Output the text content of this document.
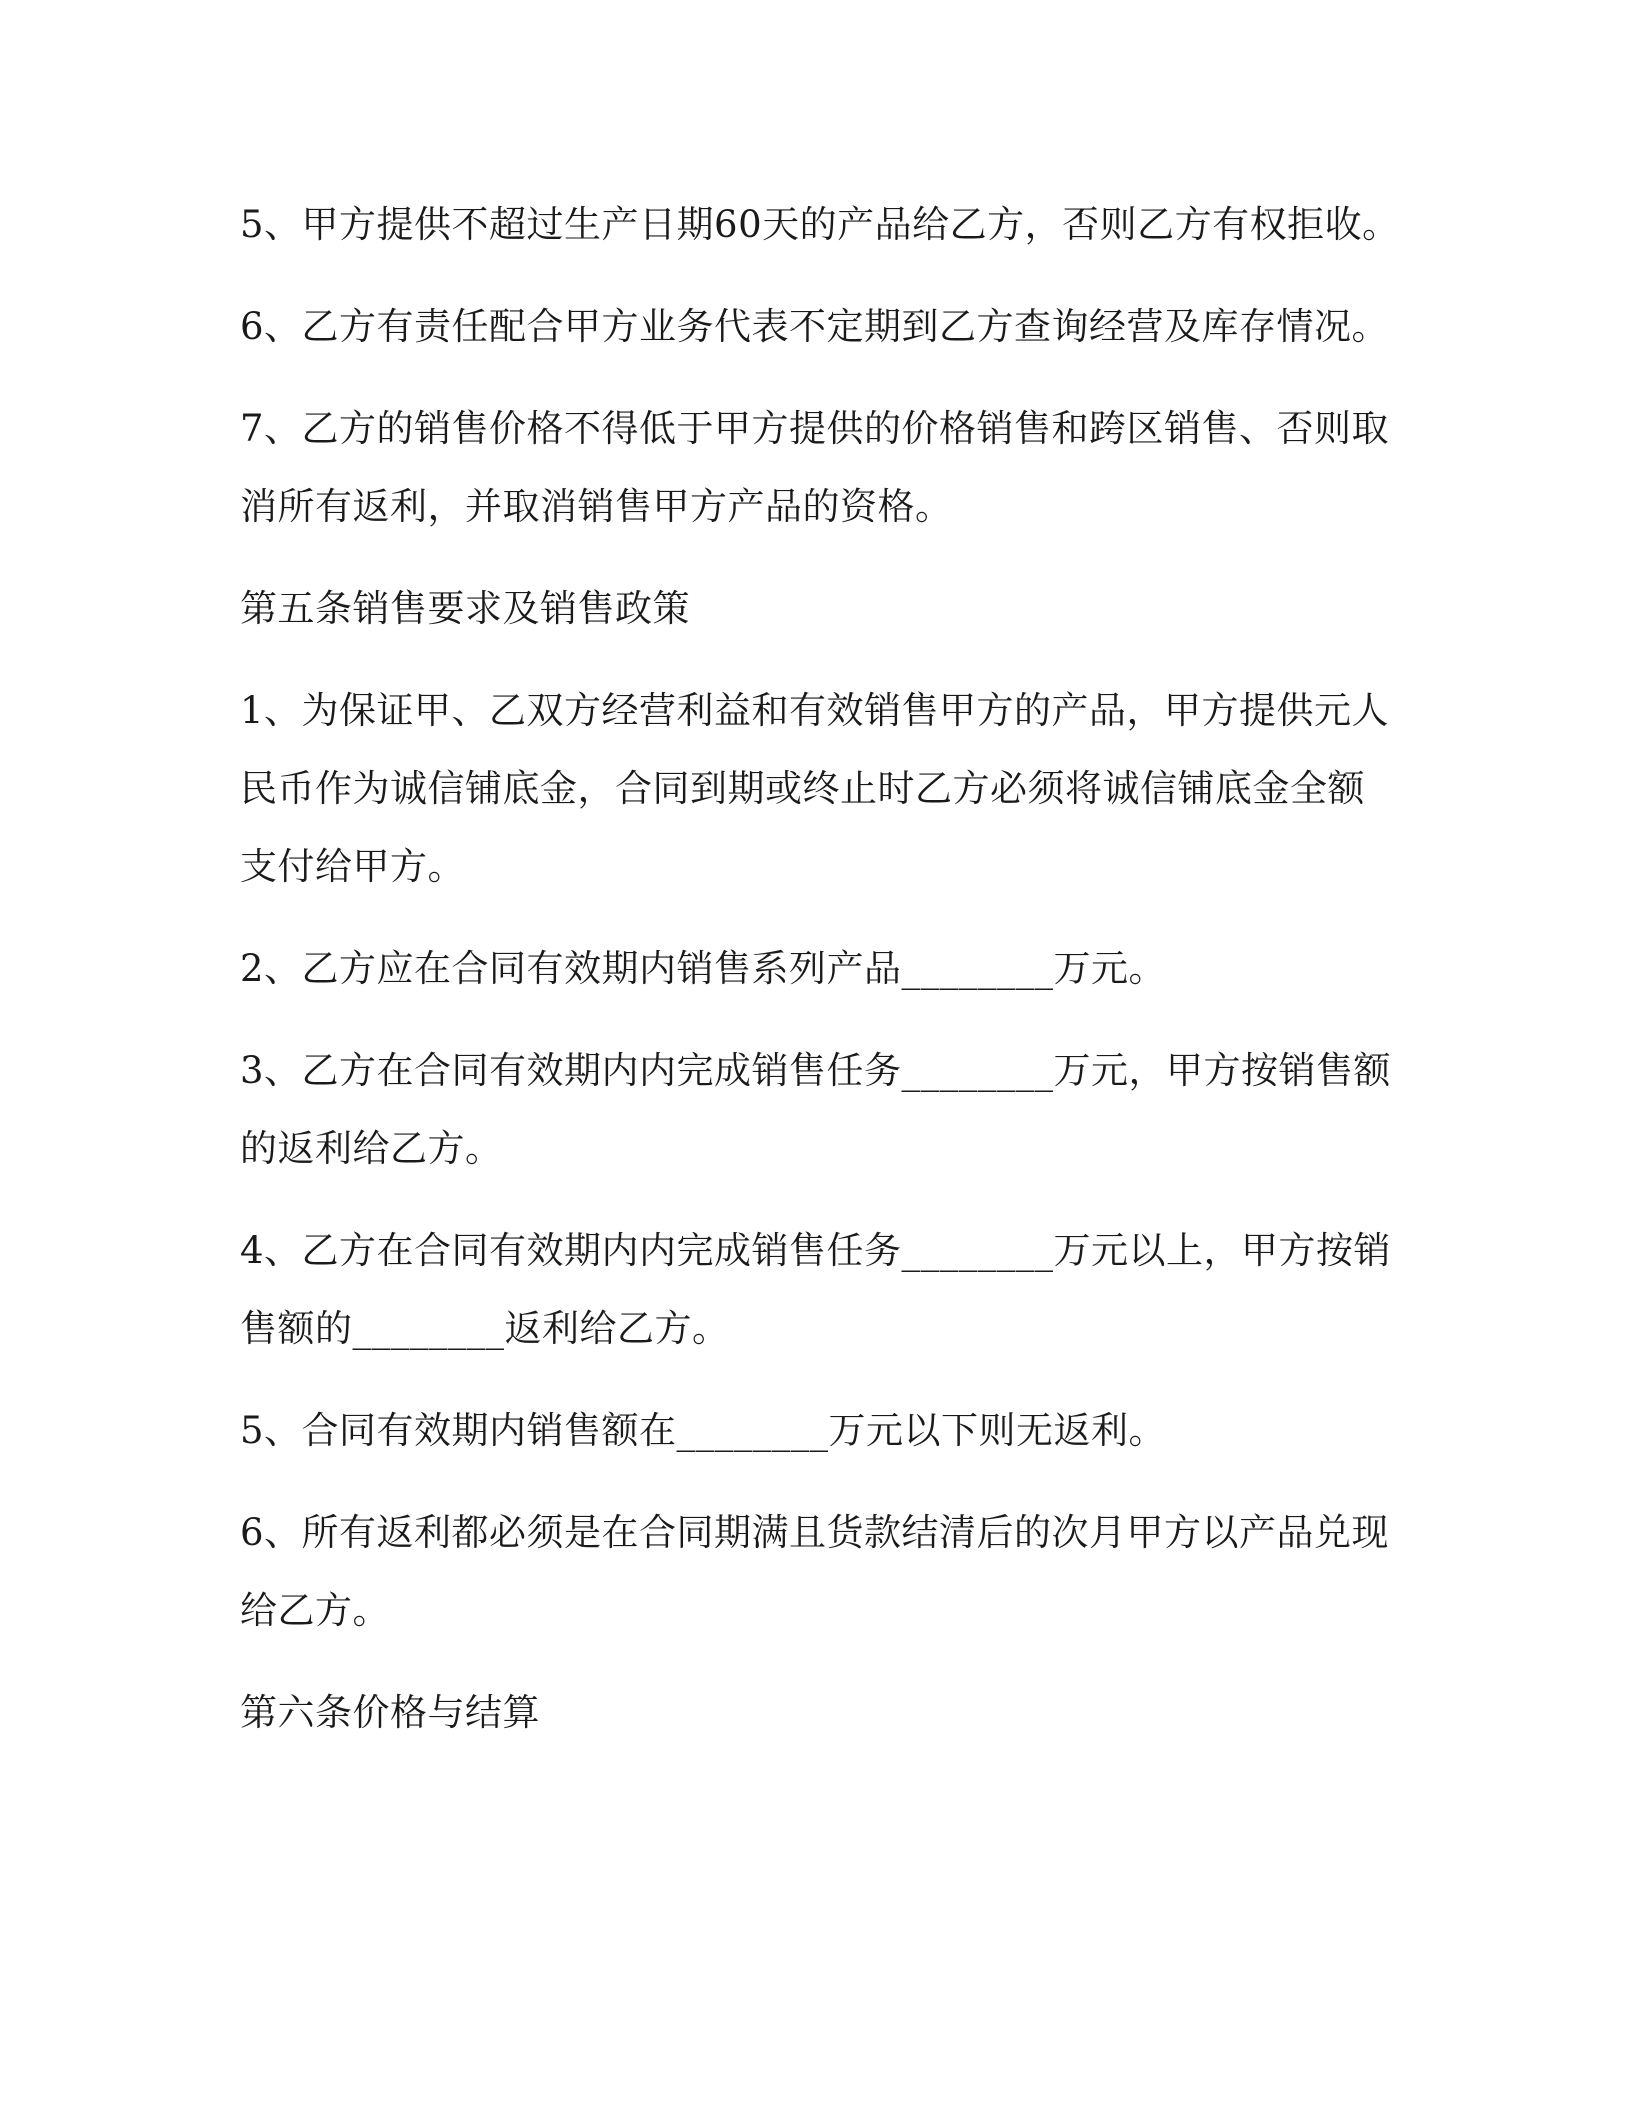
5、甲方提供不超过生产日期60天的产品给乙方，否则乙方有权拒收。

6、乙方有责任配合甲方业务代表不定期到乙方查询经营及库存情况。

7、乙方的销售价格不得低于甲方提供的价格销售和跨区销售、否则取消所有返利，并取消销售甲方产品的资格。

第五条销售要求及销售政策

1、为保证甲、乙双方经营利益和有效销售甲方的产品，甲方提供元人民币作为诚信铺底金，合同到期或终止时乙方必须将诚信铺底金全额支付给甲方。

2、乙方应在合同有效期内销售系列产品________万元。

3、乙方在合同有效期内内完成销售任务________万元，甲方按销售额的返利给乙方。

4、乙方在合同有效期内内完成销售任务________万元以上，甲方按销售额的________返利给乙方。

5、合同有效期内销售额在________万元以下则无返利。

6、所有返利都必须是在合同期满且货款结清后的次月甲方以产品兑现给乙方。

第六条价格与结算
